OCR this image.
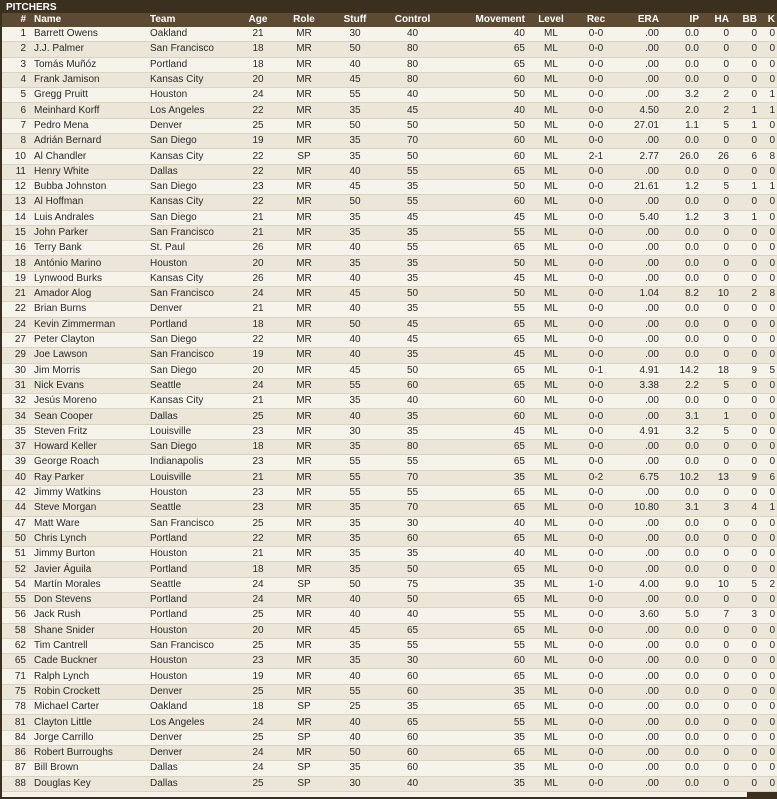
PITCHERS
#	Name	Team	Age	Role	Stuff	Control	Movement	Level	Rec	ERA	IP	HA	BB	K
1	Barrett Owens	Oakland	21	MR	30	40	40	ML	0-0	.00	0.0	0	0	0
2	J.J. Palmer	San Francisco	18	MR	50	80	65	ML	0-0	.00	0.0	0	0	0
3	Tomás Muñóz	Portland	18	MR	40	80	65	ML	0-0	.00	0.0	0	0	0
4	Frank Jamison	Kansas City	20	MR	45	80	60	ML	0-0	.00	0.0	0	0	0
5	Gregg Pruitt	Houston	24	MR	55	40	50	ML	0-0	.00	3.2	2	0	1
6	Meinhard Korff	Los Angeles	22	MR	35	45	40	ML	0-0	4.50	2.0	2	1	1
7	Pedro Mena	Denver	25	MR	50	50	50	ML	0-0	27.01	1.1	5	1	0
8	Adrián Bernard	San Diego	19	MR	35	70	60	ML	0-0	.00	0.0	0	0	0
10	Al Chandler	Kansas City	22	SP	35	50	60	ML	2-1	2.77	26.0	26	6	8
11	Henry White	Dallas	22	MR	40	55	65	ML	0-0	.00	0.0	0	0	0
12	Bubba Johnston	San Diego	23	MR	45	35	50	ML	0-0	21.61	1.2	5	1	1
13	Al Hoffman	Kansas City	22	MR	50	55	60	ML	0-0	.00	0.0	0	0	0
14	Luis Andrales	San Diego	21	MR	35	45	45	ML	0-0	5.40	1.2	3	1	0
15	John Parker	San Francisco	21	MR	35	35	55	ML	0-0	.00	0.0	0	0	0
16	Terry Bank	St. Paul	26	MR	40	55	65	ML	0-0	.00	0.0	0	0	0
18	António Marino	Houston	20	MR	35	35	50	ML	0-0	.00	0.0	0	0	0
19	Lynwood Burks	Kansas City	26	MR	40	35	45	ML	0-0	.00	0.0	0	0	0
21	Amador Alog	San Francisco	24	MR	45	50	50	ML	0-0	1.04	8.2	10	2	8
22	Brian Burns	Denver	21	MR	40	35	55	ML	0-0	.00	0.0	0	0	0
24	Kevin Zimmerman	Portland	18	MR	50	45	65	ML	0-0	.00	0.0	0	0	0
27	Peter Clayton	San Diego	22	MR	40	45	65	ML	0-0	.00	0.0	0	0	0
29	Joe Lawson	San Francisco	19	MR	40	35	45	ML	0-0	.00	0.0	0	0	0
30	Jim Morris	San Diego	20	MR	45	50	65	ML	0-1	4.91	14.2	18	9	5
31	Nick Evans	Seattle	24	MR	55	60	65	ML	0-0	3.38	2.2	5	0	0
32	Jesús Moreno	Kansas City	21	MR	35	40	60	ML	0-0	.00	0.0	0	0	0
34	Sean Cooper	Dallas	25	MR	40	35	60	ML	0-0	.00	3.1	1	0	0
35	Steven Fritz	Louisville	23	MR	30	35	45	ML	0-0	4.91	3.2	5	0	0
37	Howard Keller	San Diego	18	MR	35	80	65	ML	0-0	.00	0.0	0	0	0
39	George Roach	Indianapolis	23	MR	55	55	65	ML	0-0	.00	0.0	0	0	0
40	Ray Parker	Louisville	21	MR	55	70	35	ML	0-2	6.75	10.2	13	9	6
42	Jimmy Watkins	Houston	23	MR	55	55	65	ML	0-0	.00	0.0	0	0	0
44	Steve Morgan	Seattle	23	MR	35	70	65	ML	0-0	10.80	3.1	3	4	1
47	Matt Ware	San Francisco	25	MR	35	30	40	ML	0-0	.00	0.0	0	0	0
50	Chris Lynch	Portland	22	MR	35	60	65	ML	0-0	.00	0.0	0	0	0
51	Jimmy Burton	Houston	21	MR	35	35	40	ML	0-0	.00	0.0	0	0	0
52	Javier Águila	Portland	18	MR	35	50	65	ML	0-0	.00	0.0	0	0	0
54	Martín Morales	Seattle	24	SP	50	75	35	ML	1-0	4.00	9.0	10	5	2
55	Don Stevens	Portland	24	MR	40	50	65	ML	0-0	.00	0.0	0	0	0
56	Jack Rush	Portland	25	MR	40	40	55	ML	0-0	3.60	5.0	7	3	0
58	Shane Snider	Houston	20	MR	45	65	65	ML	0-0	.00	0.0	0	0	0
62	Tim Cantrell	San Francisco	25	MR	35	55	55	ML	0-0	.00	0.0	0	0	0
65	Cade Buckner	Houston	23	MR	35	30	60	ML	0-0	.00	0.0	0	0	0
71	Ralph Lynch	Houston	19	MR	40	60	65	ML	0-0	.00	0.0	0	0	0
75	Robin Crockett	Denver	25	MR	55	60	35	ML	0-0	.00	0.0	0	0	0
78	Michael Carter	Oakland	18	SP	25	35	65	ML	0-0	.00	0.0	0	0	0
81	Clayton Little	Los Angeles	24	MR	40	65	55	ML	0-0	.00	0.0	0	0	0
84	Jorge Carrillo	Denver	25	SP	40	60	35	ML	0-0	.00	0.0	0	0	0
86	Robert Burroughs	Denver	24	MR	50	60	65	ML	0-0	.00	0.0	0	0	0
87	Bill Brown	Dallas	24	SP	35	60	35	ML	0-0	.00	0.0	0	0	0
88	Douglas Key	Dallas	25	SP	30	40	35	ML	0-0	.00	0.0	0	0	0
